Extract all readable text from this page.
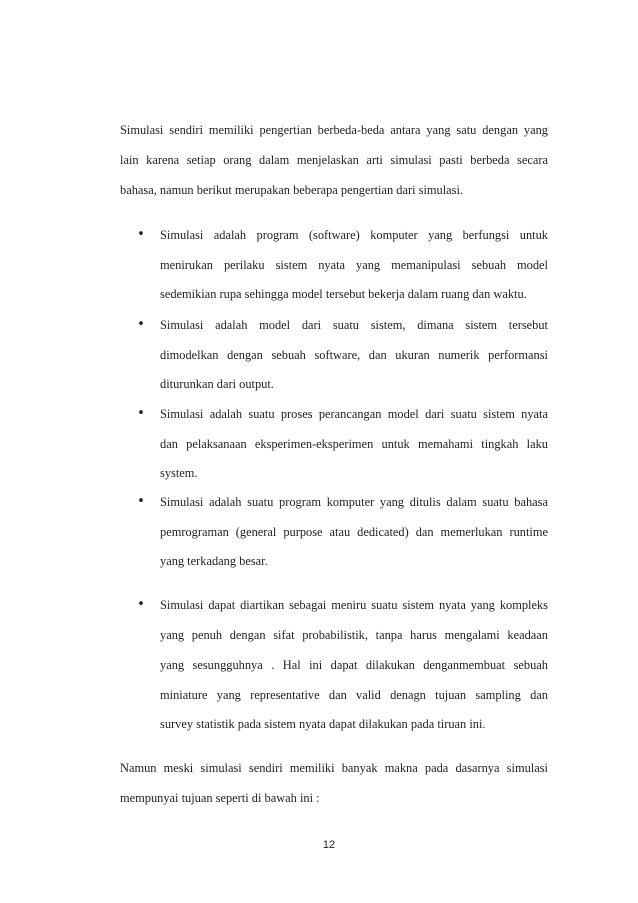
Simulasi sendiri memiliki pengertian berbeda-beda antara yang satu dengan yang
lain karena setiap orang dalam menjelaskan arti simulasi pasti berbeda secara
bahasa, namun berikut merupakan beberapa pengertian dari simulasi.
• Simulasi adalah program (software) komputer yang berfungsi untuk
menirukan perilaku sistem nyata yang memanipulasi sebuah model
sedemikian rupa sehingga model tersebut bekerja dalam ruang dan waktu.
• Simulasi adalah model dari suatu sistem, dimana sistem tersebut
dimodelkan dengan sebuah software, dan ukuran numerik performansi
diturunkan dari output.
• Simulasi adalah suatu proses perancangan model dari suatu sistem nyata
dan pelaksanaan eksperimen-eksperimen untuk memahami tingkah laku
system.
• Simulasi adalah suatu program komputer yang ditulis dalam suatu bahasa
pemrograman (general purpose atau dedicated) dan memerlukan runtime
yang terkadang besar.
• Simulasi dapat diartikan sebagai meniru suatu sistem nyata yang kompleks
yang penuh dengan sifat probabilistik, tanpa harus mengalami keadaan
yang sesungguhnya . Hal ini dapat dilakukan denganmembuat sebuah
miniature yang representative dan valid denagn tujuan sampling dan
survey statistik pada sistem nyata dapat dilakukan pada tiruan ini.
Namun meski simulasi sendiri memiliki banyak makna pada dasarnya simulasi
mempunyai tujuan seperti di bawah ini :
12
